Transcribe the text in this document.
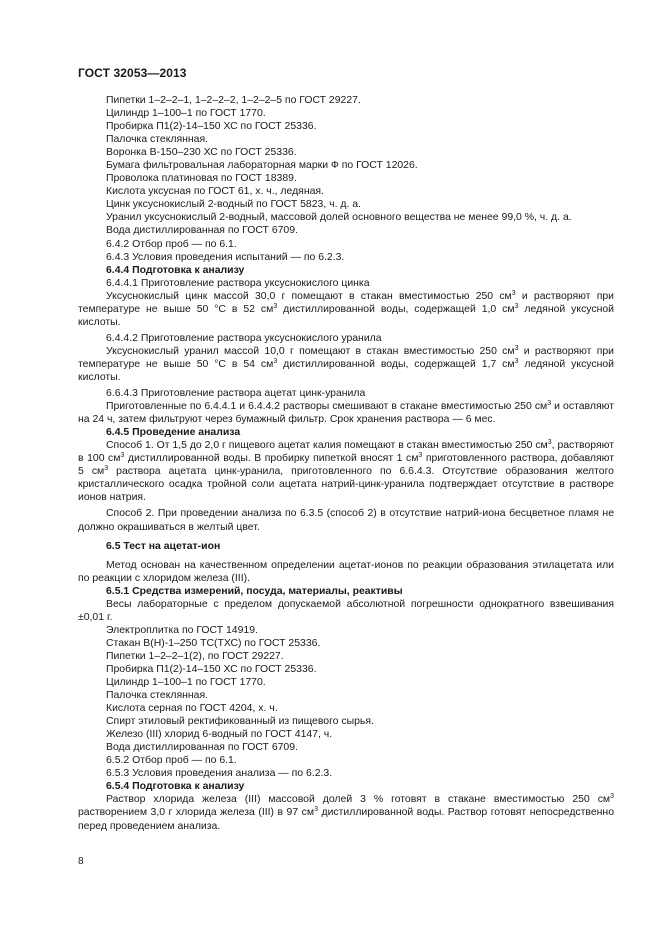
ГОСТ 32053—2013

Пипетки 1–2–2–1, 1–2–2–2, 1–2–2–5 по ГОСТ 29227.

Цилиндр 1–100–1 по ГОСТ 1770.

Пробирка П1(2)-14–150 ХС по ГОСТ 25336.

Палочка стеклянная.

Воронка В-150–230 ХС по ГОСТ 25336.

Бумага фильтровальная лабораторная марки Ф по ГОСТ 12026.

Проволока платиновая по ГОСТ 18389.

Кислота уксусная по ГОСТ 61, х. ч., ледяная.

Цинк уксуснокислый 2-водный по ГОСТ 5823, ч. д. а.

Уранил уксуснокислый 2-водный, массовой долей основного вещества не менее 99,0 %, ч. д. а.

Вода дистиллированная по ГОСТ 6709.

6.4.2 Отбор проб — по 6.1.

6.4.3 Условия проведения испытаний — по 6.2.3.

6.4.4 Подготовка к анализу

6.4.4.1 Приготовление раствора уксуснокислого цинка

Уксуснокислый цинк массой 30,0 г помещают в стакан вместимостью 250 $см^3$ и растворяют при температуре не выше 50 °С в 52 $см^3$ дистиллированной воды, содержащей 1,0 $см^3$ ледяной уксусной кислоты.

6.4.4.2 Приготовление раствора уксуснокислого уранила

Уксуснокислый уранил массой 10,0 г помещают в стакан вместимостью 250 $см^3$ и растворяют при температуре не выше 50 °С в 54 $см^3$ дистиллированной воды, содержащей 1,7 $см^3$ ледяной уксусной кислоты.

6.6.4.3 Приготовление раствора ацетат цинк-уранила

Приготовленные по 6.4.4.1 и 6.4.4.2 растворы смешивают в стакане вместимостью 250 $см^3$ и оставляют на 24 ч, затем фильтруют через бумажный фильтр. Срок хранения раствора — 6 мес.

6.4.5 Проведение анализа

Способ 1. От 1,5 до 2,0 г пищевого ацетат калия помещают в стакан вместимостью 250 $см^3$, растворяют в 100 $см^3$ дистиллированной воды. В пробирку пипеткой вносят 1 $см^3$ приготовленного раствора, добавляют 5 $см^3$ раствора ацетата цинк-уранила, приготовленного по 6.6.4.3. Отсутствие образования желтого кристаллического осадка тройной соли ацетата натрий-цинк-уранила подтверждает отсутствие в растворе ионов натрия.

Способ 2. При проведении анализа по 6.3.5 (способ 2) в отсутствие натрий-иона бесцветное пламя не должно окрашиваться в желтый цвет.

6.5 Тест на ацетат-ион

Метод основан на качественном определении ацетат-ионов по реакции образования этилацетата или по реакции с хлоридом железа (III).

6.5.1 Средства измерений, посуда, материалы, реактивы

Весы лабораторные с пределом допускаемой абсолютной погрешности однократного взвешивания ±0,01 г.

Электроплитка по ГОСТ 14919.

Стакан В(Н)-1–250 ТС(ТХС) по ГОСТ 25336.

Пипетки 1–2–2–1(2), по ГОСТ 29227.

Пробирка П1(2)-14–150 ХС по ГОСТ 25336.

Цилиндр 1–100–1 по ГОСТ 1770.

Палочка стеклянная.

Кислота серная по ГОСТ 4204, х. ч.

Спирт этиловый ректификованный из пищевого сырья.

Железо (III) хлорид 6-водный по ГОСТ 4147, ч.

Вода дистиллированная по ГОСТ 6709.

6.5.2 Отбор проб — по 6.1.

6.5.3 Условия проведения анализа — по 6.2.3.

6.5.4 Подготовка к анализу

Раствор хлорида железа (III) массовой долей 3 % готовят в стакане вместимостью 250 $см^3$ растворением 3,0 г хлорида железа (III) в 97 $см^3$ дистиллированной воды. Раствор готовят непосредственно перед проведением анализа.

8
